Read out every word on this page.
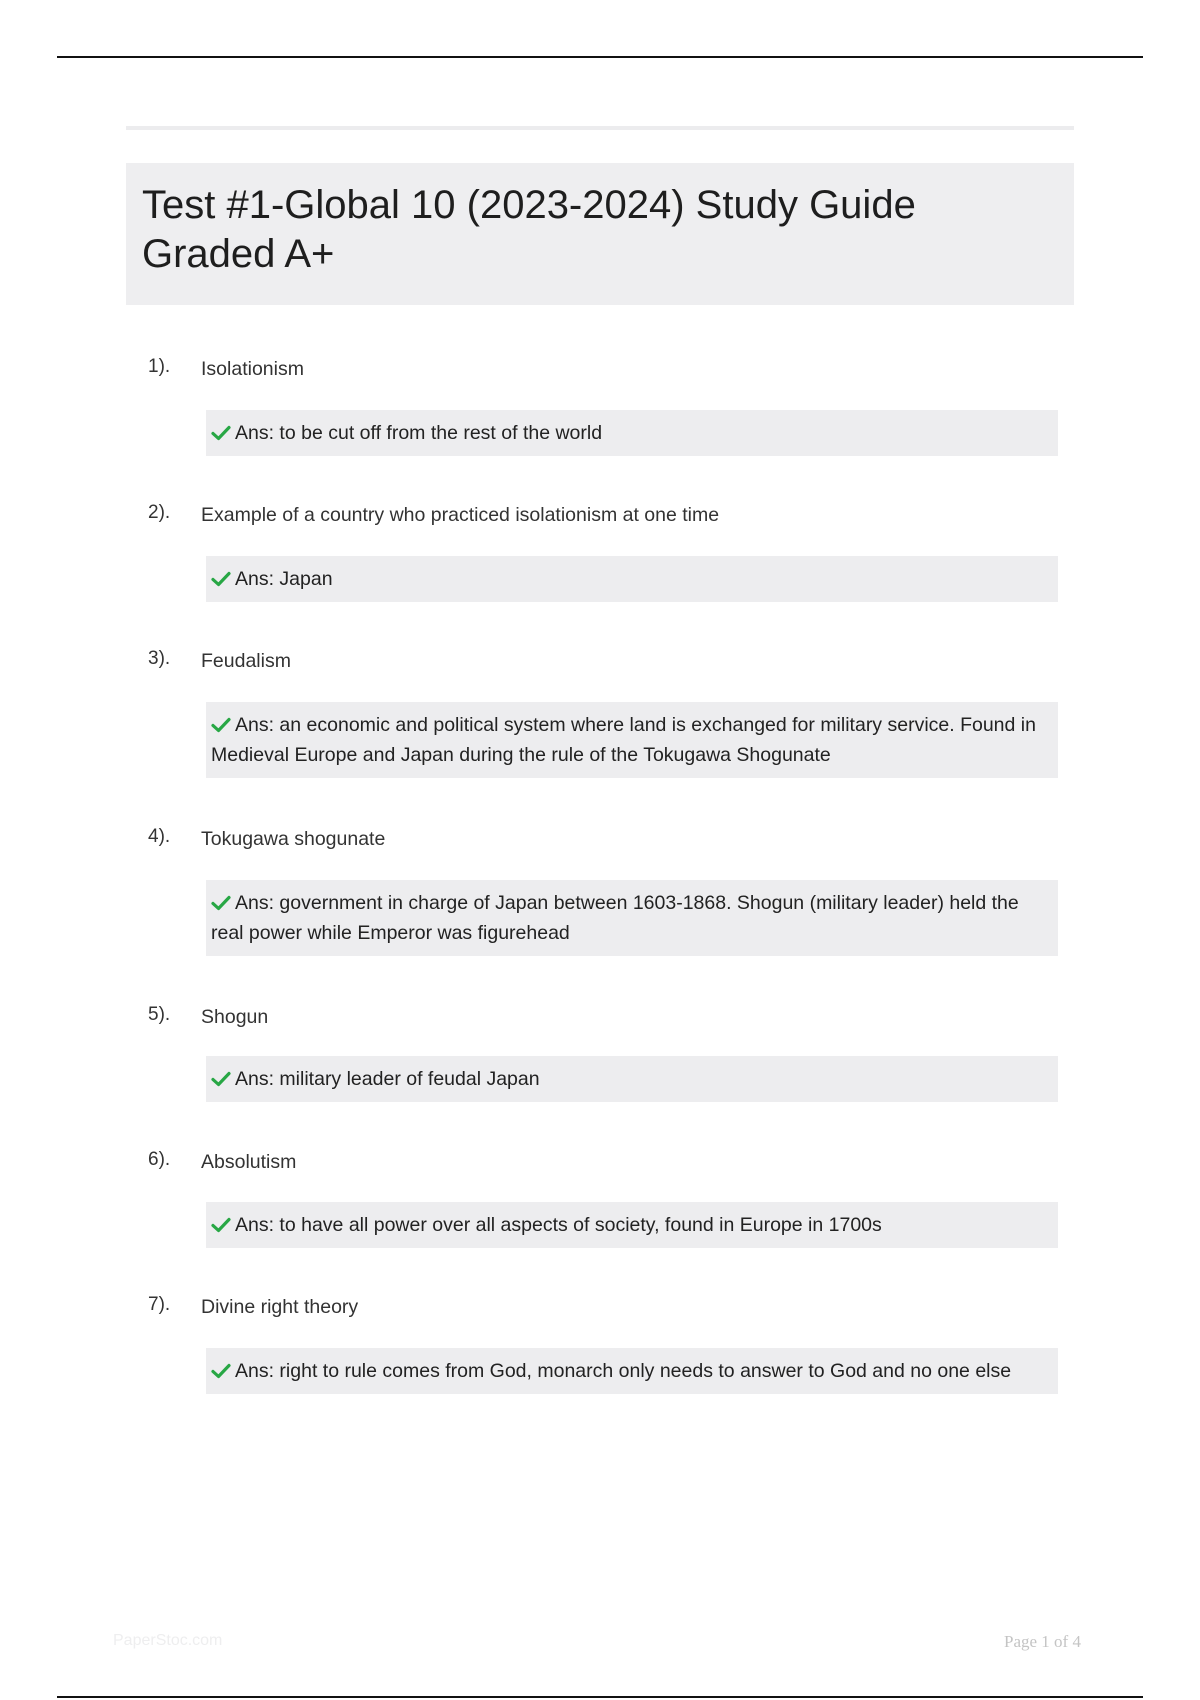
Test #1-Global 10 (2023-2024) Study Guide Graded A+
1). Isolationism
Ans: to be cut off from the rest of the world
2). Example of a country who practiced isolationism at one time
Ans: Japan
3). Feudalism
Ans: an economic and political system where land is exchanged for military service. Found in Medieval Europe and Japan during the rule of the Tokugawa Shogunate
4). Tokugawa shogunate
Ans: government in charge of Japan between 1603-1868. Shogun (military leader) held the real power while Emperor was figurehead
5). Shogun
Ans: military leader of feudal Japan
6). Absolutism
Ans: to have all power over all aspects of society, found in Europe in 1700s
7). Divine right theory
Ans: right to rule comes from God, monarch only needs to answer to God and no one else
PaperStoc.com	Page 1 of 4
